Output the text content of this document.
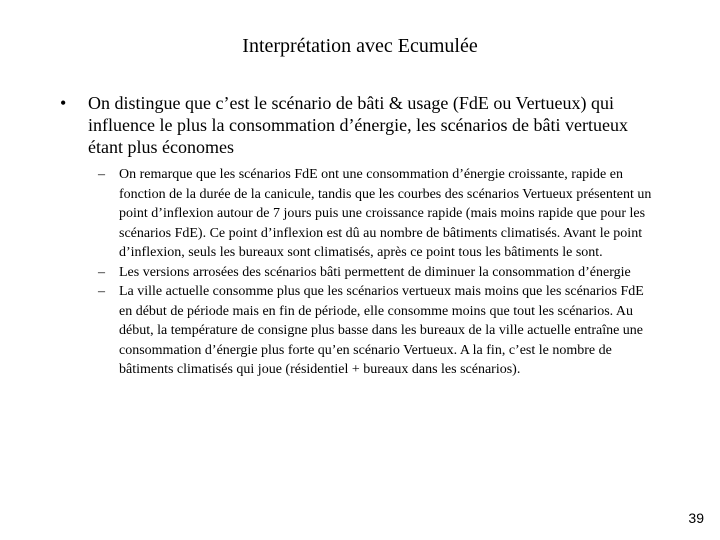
Interprétation avec Ecumulée
• On distingue que c’est le scénario de bâti & usage (FdE ou Vertueux) qui influence le plus la consommation d’énergie, les scénarios de bâti vertueux étant plus économes
– On remarque que les scénarios FdE ont une consommation d’énergie croissante, rapide en fonction de la durée de la canicule, tandis que les courbes des scénarios Vertueux présentent un point d’inflexion autour de 7 jours puis une croissance rapide (mais moins rapide que pour les scénarios FdE). Ce point d’inflexion est dû au nombre de bâtiments climatisés. Avant le point d’inflexion, seuls les bureaux sont climatisés, après ce point tous les bâtiments le sont.
– Les versions arrosées des scénarios bâti permettent de diminuer la consommation d’énergie
– La ville actuelle consomme plus que les scénarios vertueux mais moins que les scénarios FdE en début de période mais en fin de période, elle consomme moins que tout les scénarios. Au début, la température de consigne plus basse dans les bureaux de la ville actuelle entraîne une consommation d’énergie plus forte qu’en scénario Vertueux. A la fin, c’est le nombre de bâtiments climatisés qui joue (résidentiel + bureaux dans les scénarios).
39
